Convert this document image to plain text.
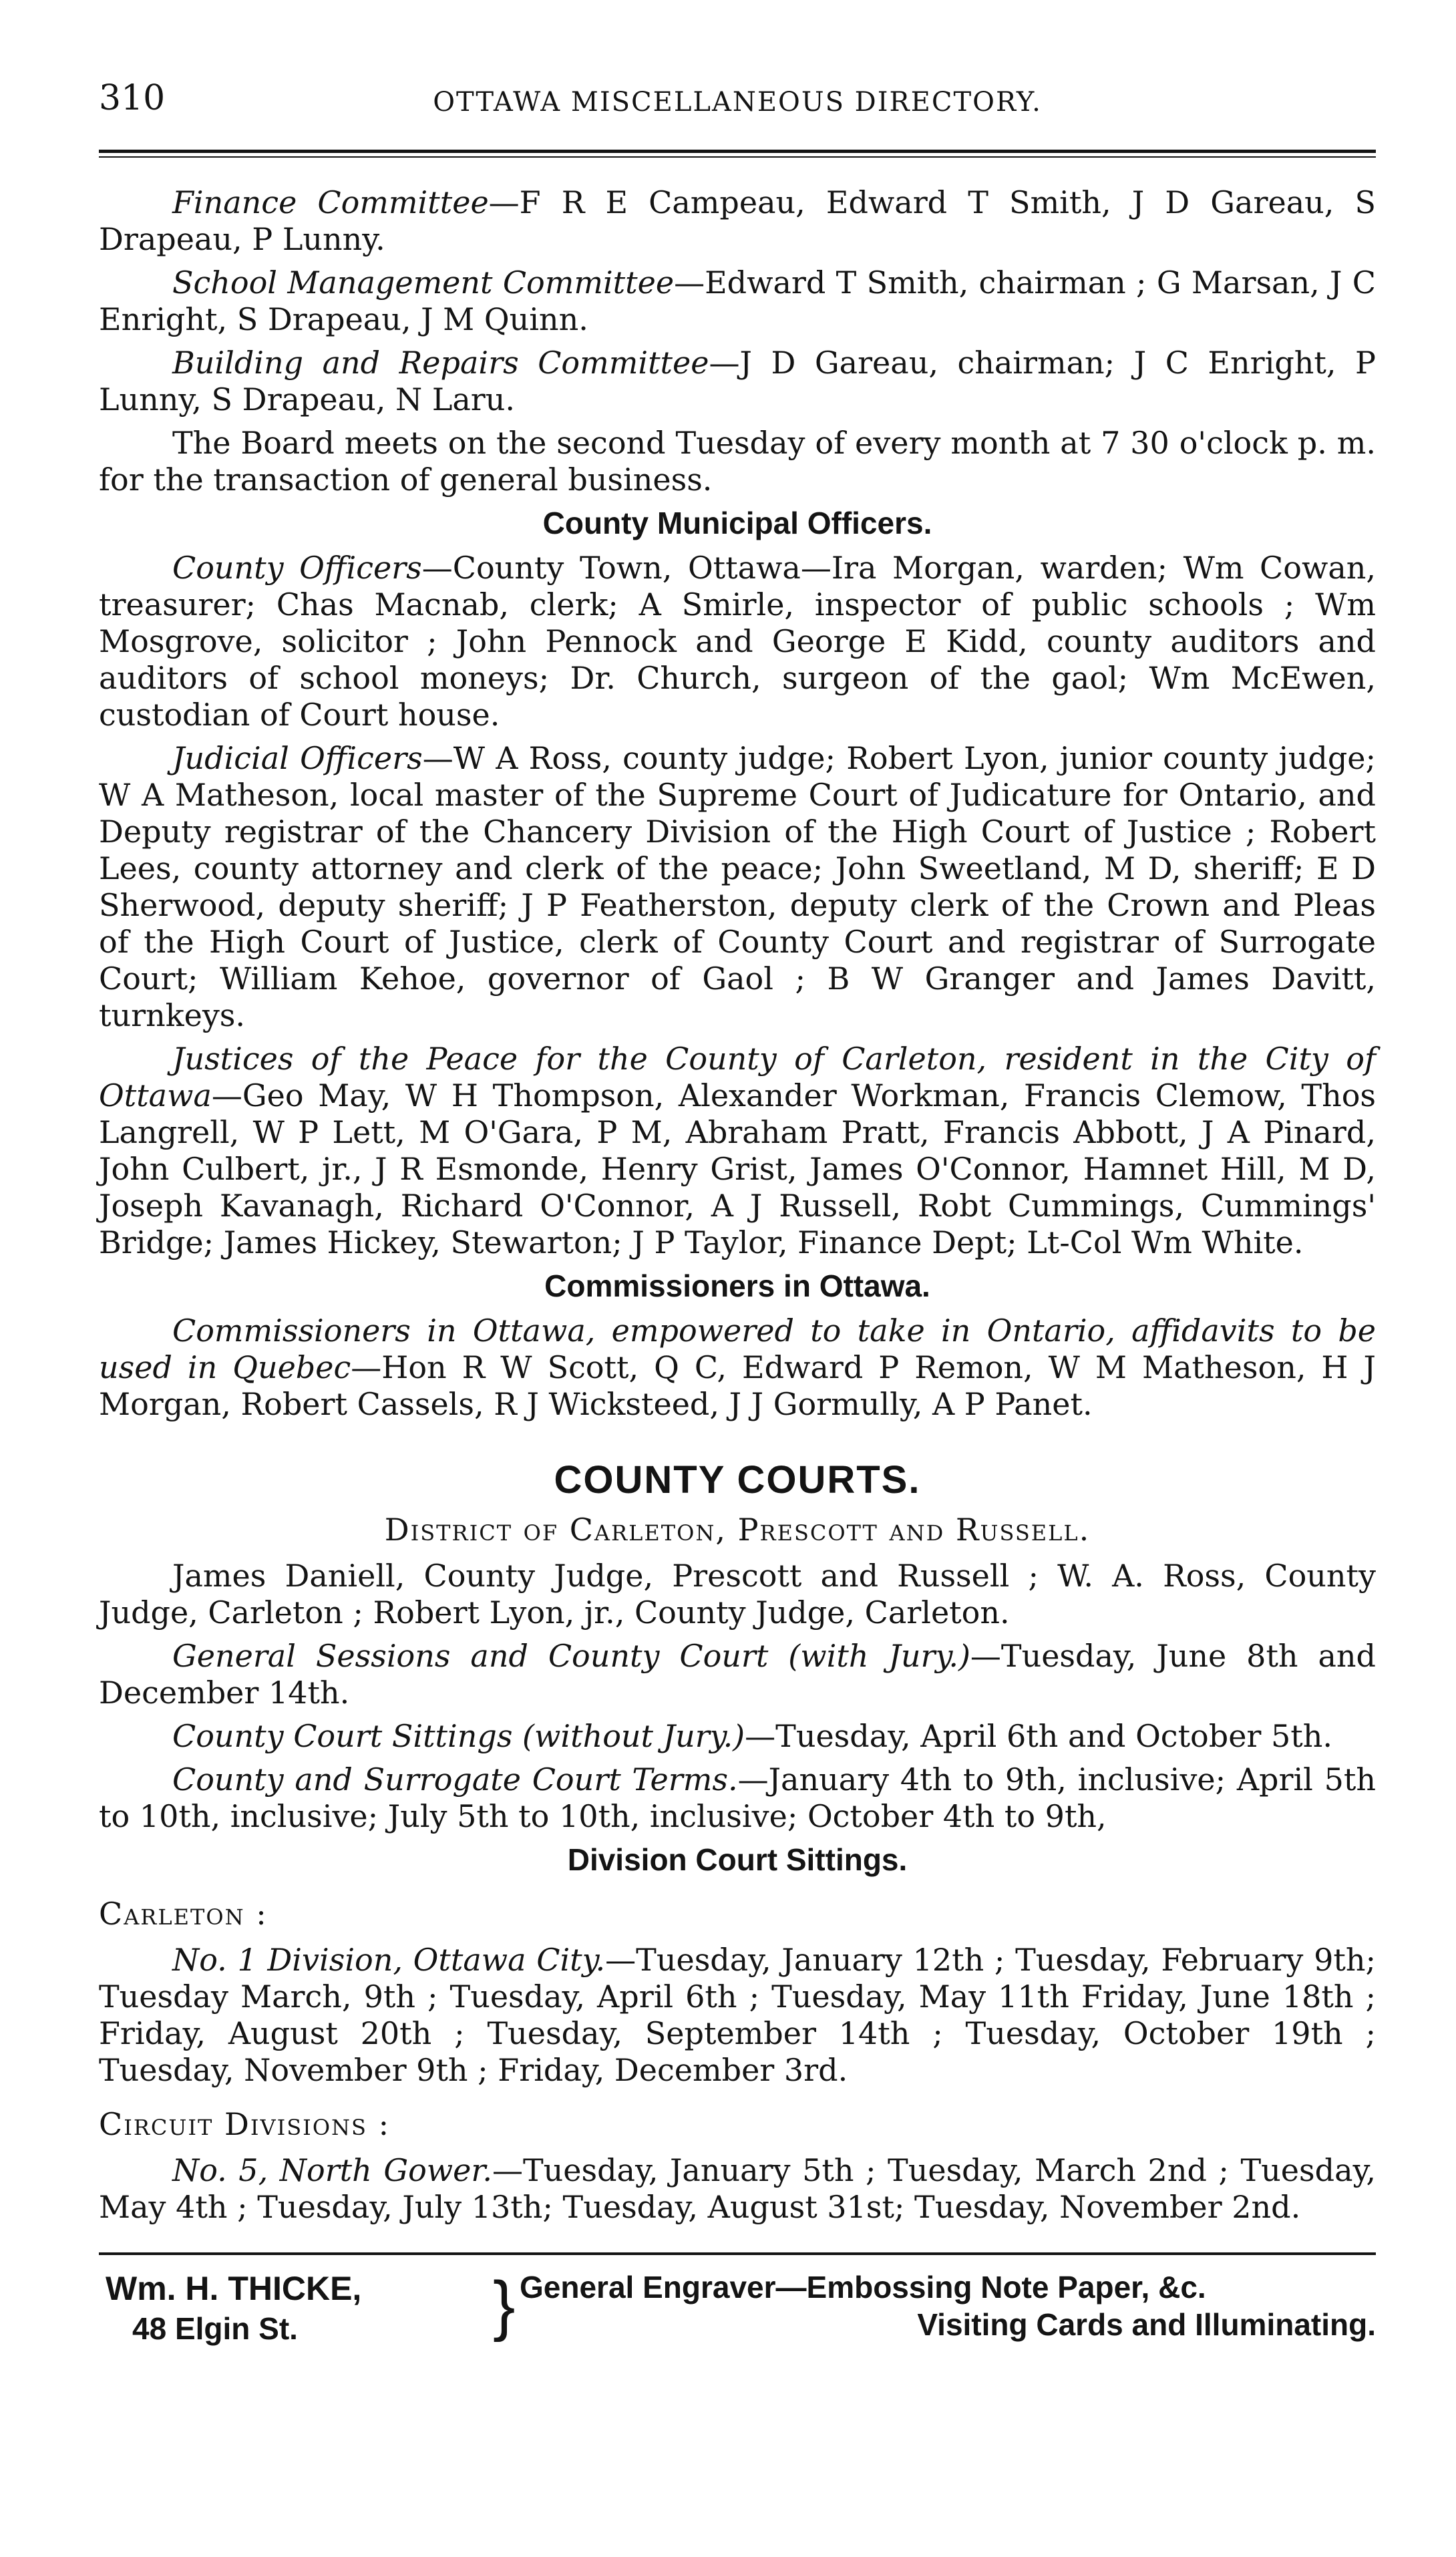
310	OTTAWA MISCELLANEOUS DIRECTORY.

Finance Committee—F R E Campeau, Edward T Smith, J D Gareau, S Drapeau, P Lunny.

School Management Committee—Edward T Smith, chairman ; G Marsan, J C Enright, S Drapeau, J M Quinn.

Building and Repairs Committee—J D Gareau, chairman; J C Enright, P Lunny, S Drapeau, N Laru.

The Board meets on the second Tuesday of every month at 7 30 o'clock p. m. for the transaction of general business.

County Municipal Officers.

County Officers—County Town, Ottawa—Ira Morgan, warden; Wm Cowan, treasurer; Chas Macnab, clerk; A Smirle, inspector of public schools ; Wm Mosgrove, solicitor ; John Pennock and George E Kidd, county auditors and auditors of school moneys; Dr. Church, surgeon of the gaol; Wm McEwen, custodian of Court house.

Judicial Officers—W A Ross, county judge; Robert Lyon, junior county judge; W A Matheson, local master of the Supreme Court of Judicature for Ontario, and Deputy registrar of the Chancery Division of the High Court of Justice ; Robert Lees, county attorney and clerk of the peace; John Sweetland, M D, sheriff; E D Sherwood, deputy sheriff; J P Featherston, deputy clerk of the Crown and Pleas of the High Court of Justice, clerk of County Court and registrar of Surrogate Court; William Kehoe, governor of Gaol ; B W Granger and James Davitt, turnkeys.

Justices of the Peace for the County of Carleton, resident in the City of Ottawa—Geo May, W H Thompson, Alexander Workman, Francis Clemow, Thos Langrell, W P Lett, M O'Gara, P M, Abraham Pratt, Francis Abbott, J A Pinard, John Culbert, jr., J R Esmonde, Henry Grist, James O'Connor, Hamnet Hill, M D, Joseph Kavanagh, Richard O'Connor, A J Russell, Robt Cummings, Cummings' Bridge; James Hickey, Stewarton; J P Taylor, Finance Dept; Lt-Col Wm White.

Commissioners in Ottawa.

Commissioners in Ottawa, empowered to take in Ontario, affidavits to be used in Quebec—Hon R W Scott, Q C, Edward P Remon, W M Matheson, H J Morgan, Robert Cassels, R J Wicksteed, J J Gormully, A P Panet.

COUNTY COURTS.
District of Carleton, Prescott and Russell.

James Daniell, County Judge, Prescott and Russell ; W. A. Ross, County Judge, Carleton ; Robert Lyon, jr., County Judge, Carleton.

General Sessions and County Court (with Jury.)—Tuesday, June 8th and December 14th.

County Court Sittings (without Jury.)—Tuesday, April 6th and October 5th.

County and Surrogate Court Terms.—January 4th to 9th, inclusive; April 5th to 10th, inclusive; July 5th to 10th, inclusive; October 4th to 9th,

Division Court Sittings.
Carleton :

No. 1 Division, Ottawa City.—Tuesday, January 12th ; Tuesday, February 9th; Tuesday March, 9th ; Tuesday, April 6th ; Tuesday, May 11th Friday, June 18th ; Friday, August 20th ; Tuesday, September 14th ; Tuesday, October 19th ; Tuesday, November 9th ; Friday, December 3rd.

Circuit Divisions :

No. 5, North Gower.—Tuesday, January 5th ; Tuesday, March 2nd ; Tuesday, May 4th ; Tuesday, July 13th; Tuesday, August 31st; Tuesday, November 2nd.

Wm. H. THICKE,
48 Elgin St.	} General Engraver—Embossing Note Paper, &c.
Visiting Cards and Illuminating.
